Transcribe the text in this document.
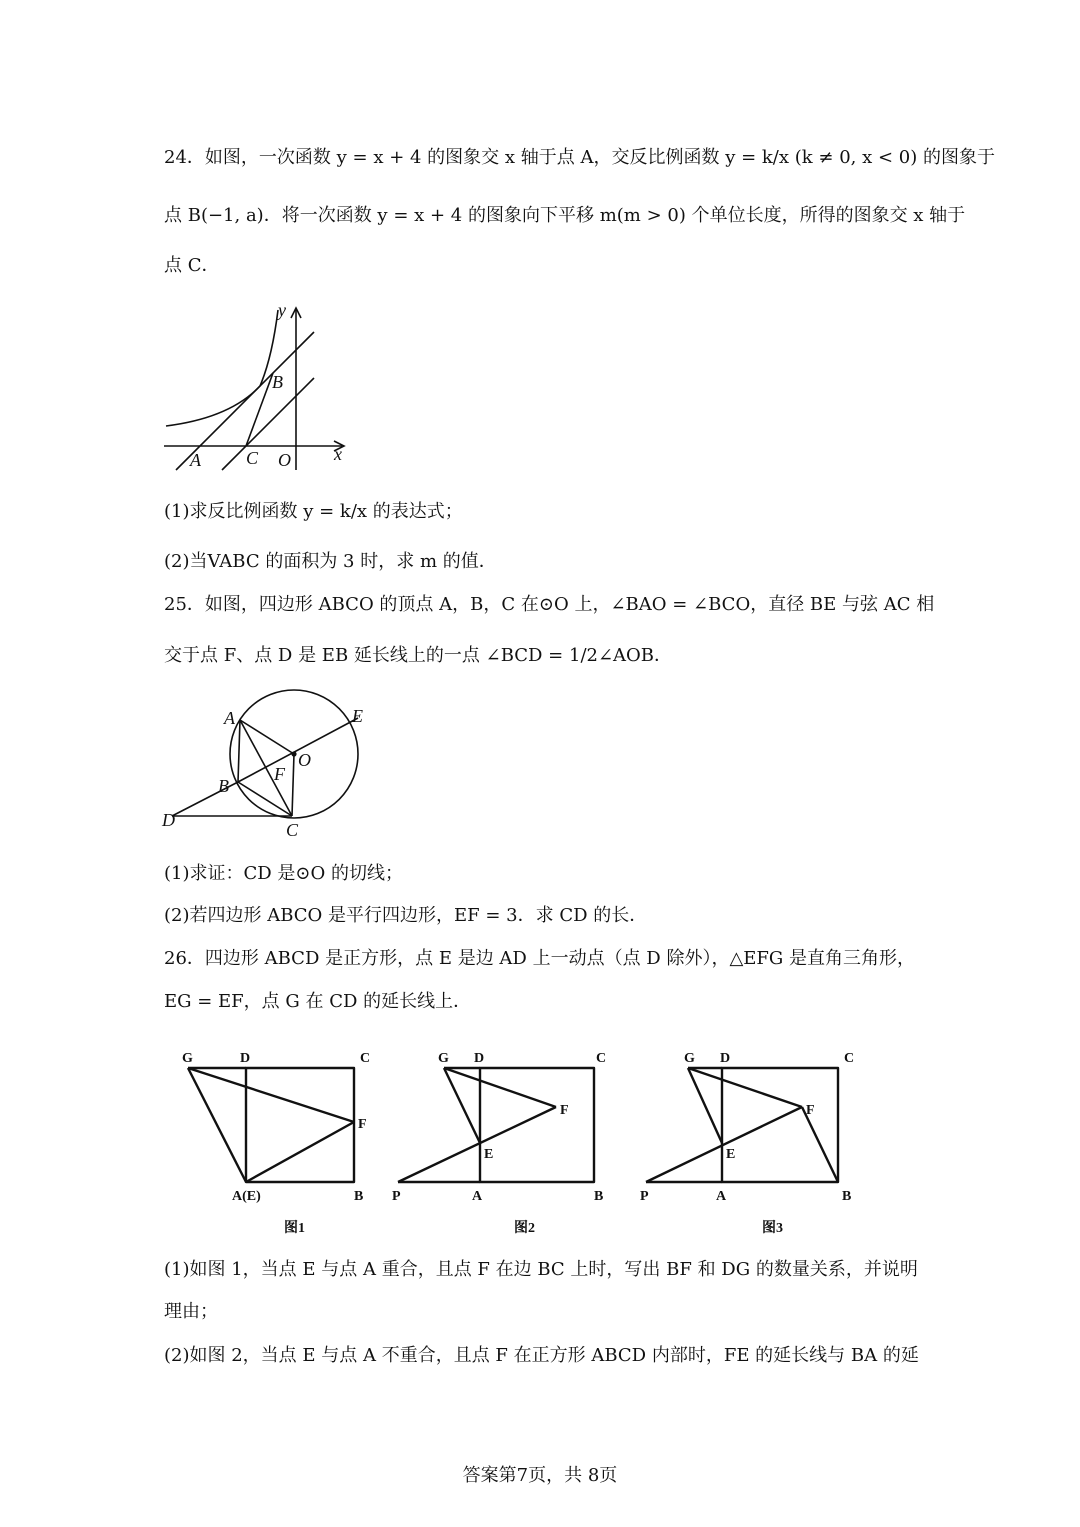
24．如图，一次函数 y = x + 4 的图象交 x 轴于点 A，交反比例函数 y = k/x (k ≠ 0, x < 0) 的图象于
点 B(−1, a)．将一次函数 y = x + 4 的图象向下平移 m(m > 0) 个单位长度，所得的图象交 x 轴于
点 C．
y
B
A	C O x
(1)求反比例函数 y = k/x 的表达式；
(2)当VABC 的面积为 3 时，求 m 的值．
25．如图，四边形 ABCO 的顶点 A，B，C 在⊙O 上，∠BAO = ∠BCO，直径 BE 与弦 AC 相
交于点 F、点 D 是 EB 延长线上的一点 ∠BCD = 1/2∠AOB．
A	E
O
F
B
D	C
(1)求证：CD 是⊙O 的切线；
(2)若四边形 ABCO 是平行四边形，EF = 3．求 CD 的长．
26．四边形 ABCD 是正方形，点 E 是边 AD 上一动点（点 D 除外），△EFG 是直角三角形，
EG = EF，点 G 在 CD 的延长线上．
G	D	C
F
A(E)	B
图1
G D	C
F
E
P	A	B
图2
G D	C
F
E
P	A	B
图3
(1)如图 1，当点 E 与点 A 重合，且点 F 在边 BC 上时，写出 BF 和 DG 的数量关系，并说明
理由；
(2)如图 2，当点 E 与点 A 不重合，且点 F 在正方形 ABCD 内部时，FE 的延长线与 BA 的延
答案第7页，共 8页
